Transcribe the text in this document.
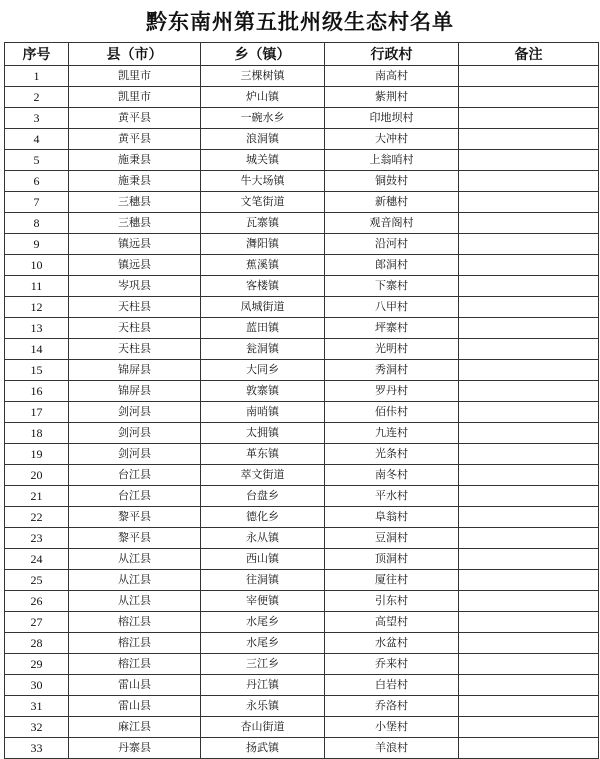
黔东南州第五批州级生态村名单
序号	县（市）	乡（镇）	行政村	备注
1	凯里市	三棵树镇	南高村	
2	凯里市	炉山镇	紫荆村	
3	黄平县	一碗水乡	印地坝村	
4	黄平县	浪洞镇	大冲村	
5	施秉县	城关镇	上翁哨村	
6	施秉县	牛大场镇	铜鼓村	
7	三穗县	文笔街道	新穗村	
8	三穗县	瓦寨镇	观音阁村	
9	镇远县	㵲阳镇	沿河村	
10	镇远县	蕉溪镇	郎洞村	
11	岑巩县	客楼镇	下寨村	
12	天柱县	凤城街道	八甲村	
13	天柱县	蓝田镇	坪寨村	
14	天柱县	瓮洞镇	光明村	
15	锦屏县	大同乡	秀洞村	
16	锦屏县	敦寨镇	罗丹村	
17	剑河县	南哨镇	佰佧村	
18	剑河县	太拥镇	九连村	
19	剑河县	革东镇	光条村	
20	台江县	萃文街道	南冬村	
21	台江县	台盘乡	平水村	
22	黎平县	德化乡	阜翁村	
23	黎平县	永从镇	豆洞村	
24	从江县	西山镇	顶洞村	
25	从江县	往洞镇	厦往村	
26	从江县	宰便镇	引东村	
27	榕江县	水尾乡	高望村	
28	榕江县	水尾乡	水盆村	
29	榕江县	三江乡	乔来村	
30	雷山县	丹江镇	白岩村	
31	雷山县	永乐镇	乔洛村	
32	麻江县	杏山街道	小堡村	
33	丹寨县	扬武镇	羊浪村	
